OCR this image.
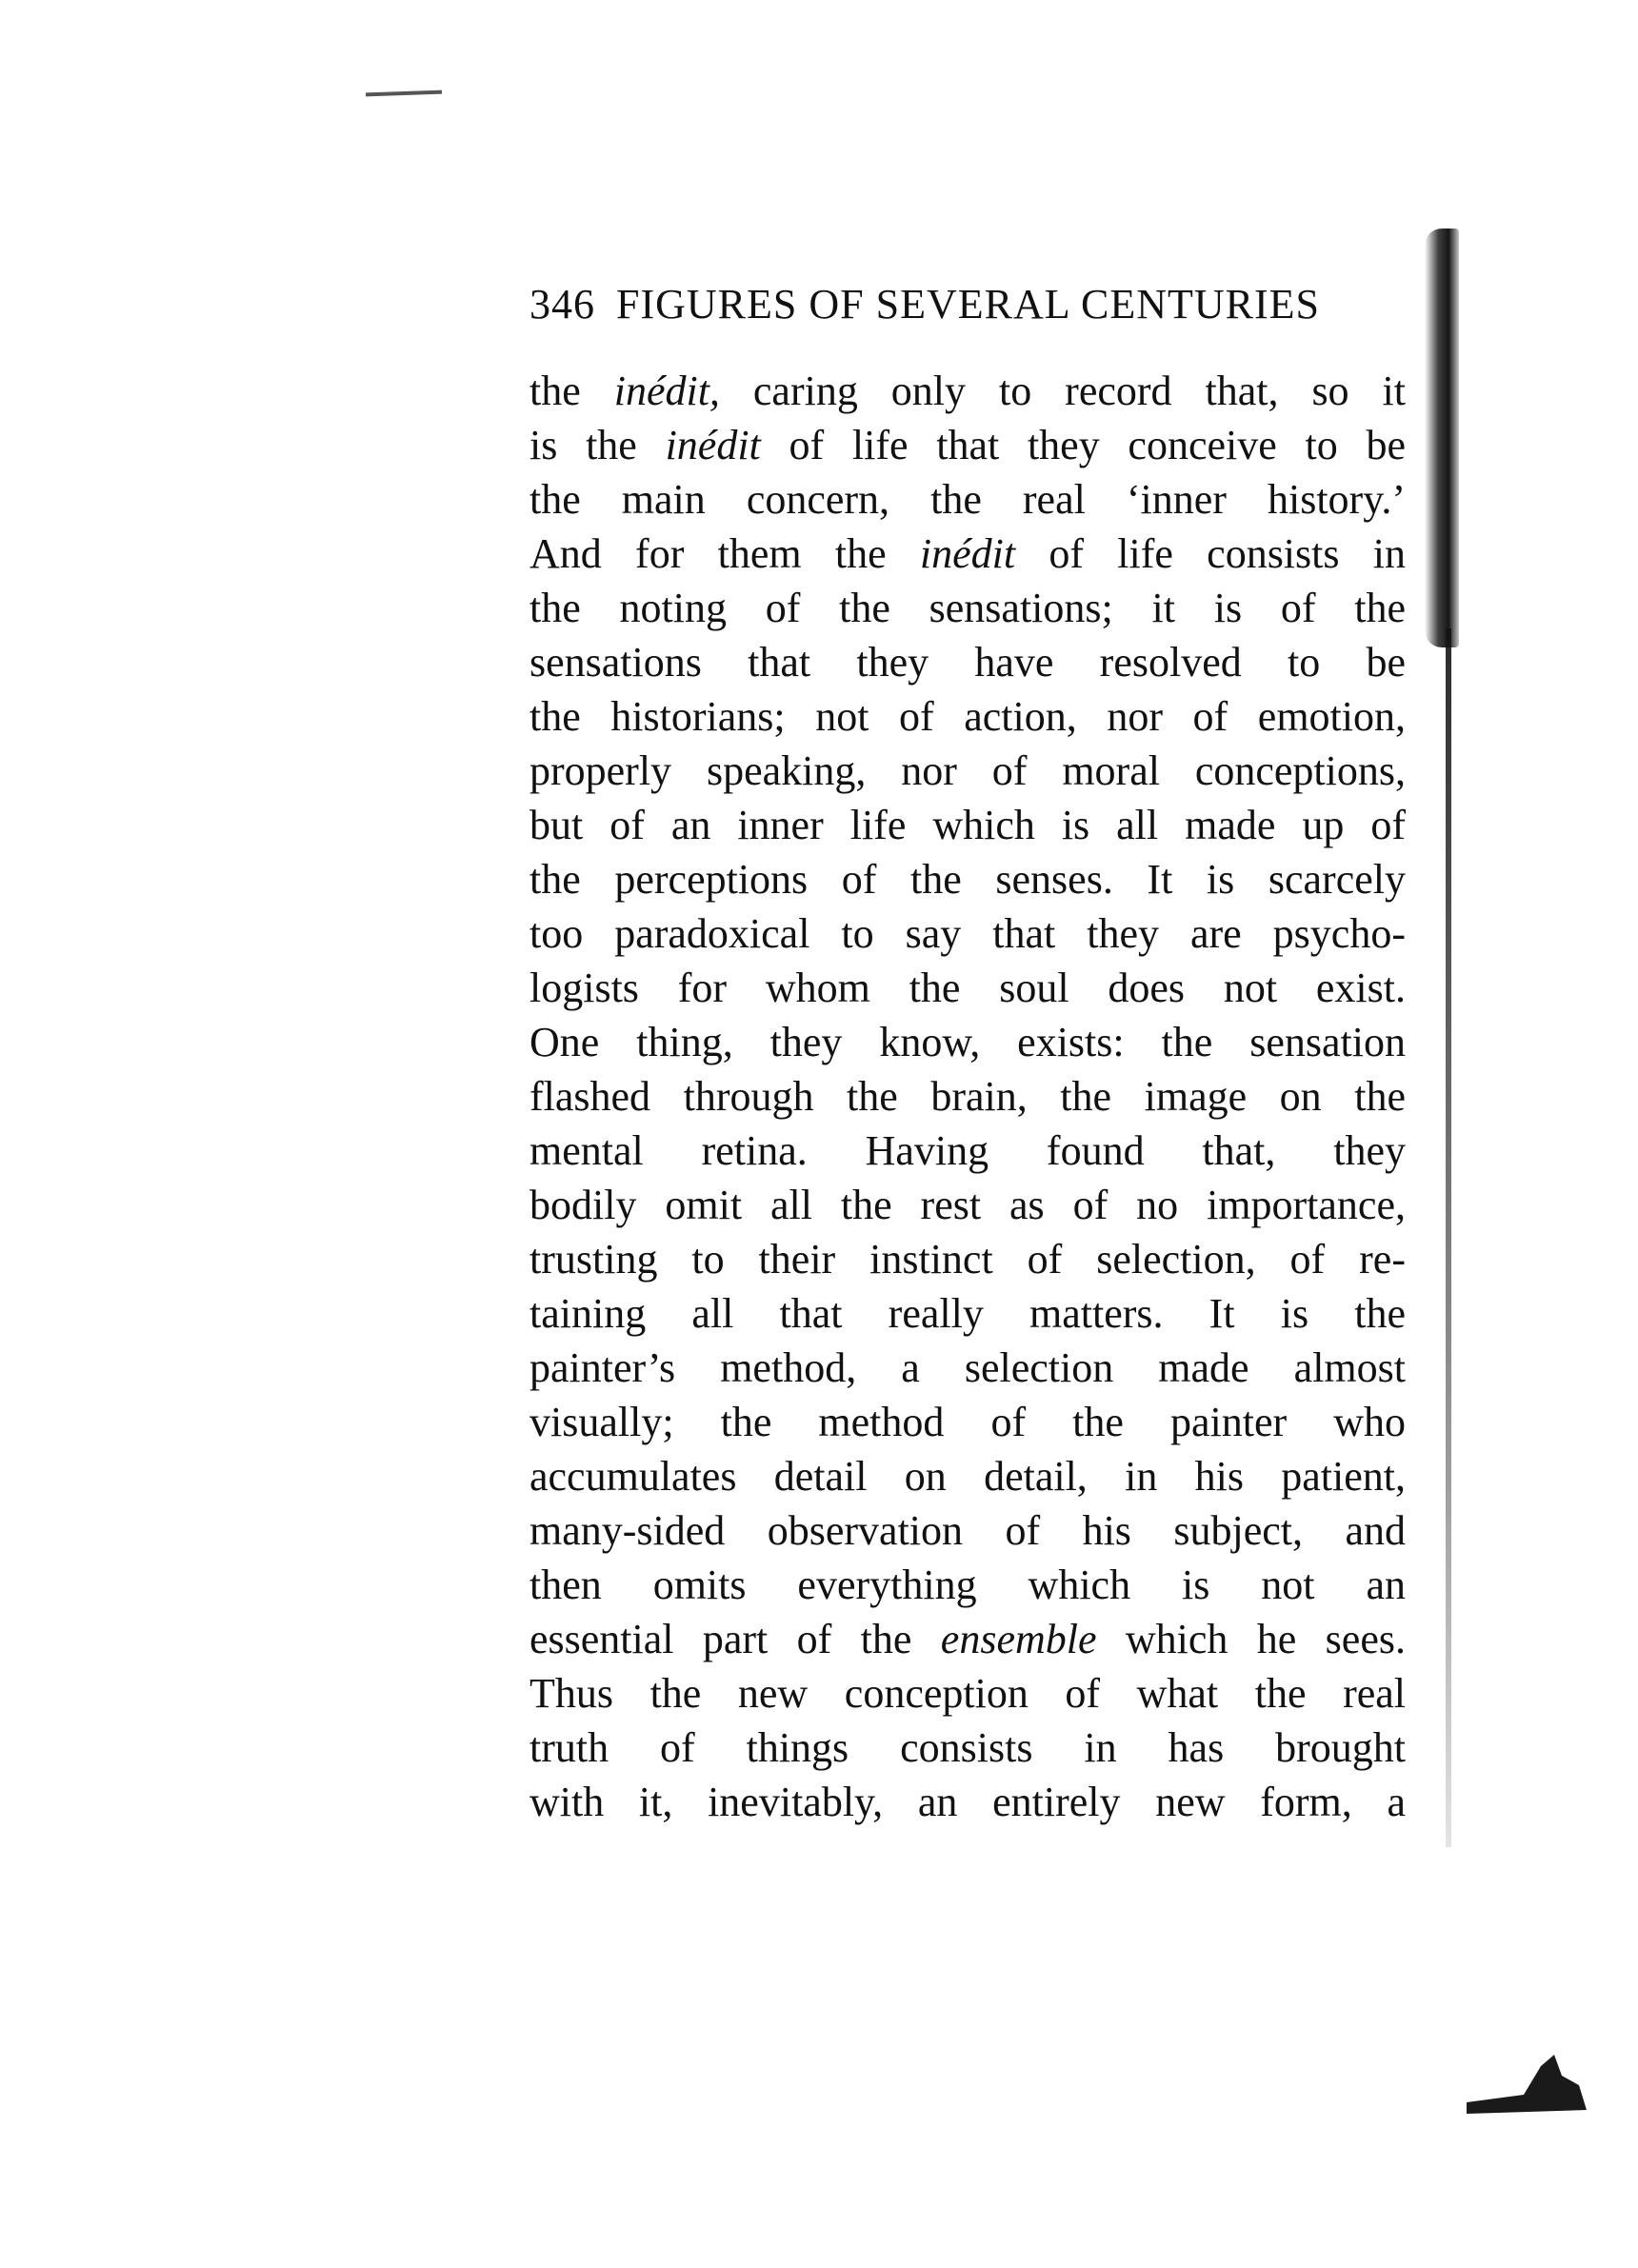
346 FIGURES OF SEVERAL CENTURIES
the inédit, caring only to record that, so it
is the inédit of life that they conceive to be
the main concern, the real ‘inner history.’
And for them the inédit of life consists in
the noting of the sensations; it is of the
sensations that they have resolved to be
the historians; not of action, nor of emotion,
properly speaking, nor of moral conceptions,
but of an inner life which is all made up of
the perceptions of the senses. It is scarcely
too paradoxical to say that they are psycho-
logists for whom the soul does not exist.
One thing, they know, exists: the sensation
flashed through the brain, the image on the
mental retina. Having found that, they
bodily omit all the rest as of no importance,
trusting to their instinct of selection, of re-
taining all that really matters. It is the
painter’s method, a selection made almost
visually; the method of the painter who
accumulates detail on detail, in his patient,
many-sided observation of his subject, and
then omits everything which is not an
essential part of the ensemble which he sees.
Thus the new conception of what the real
truth of things consists in has brought
with it, inevitably, an entirely new form, a
